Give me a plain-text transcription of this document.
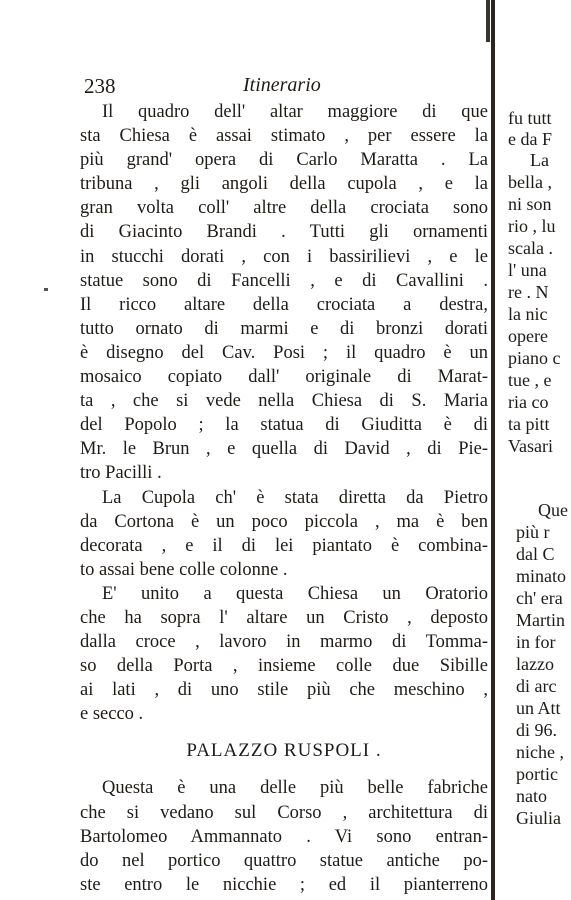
238	Itinerario
Il quadro dell' altar maggiore di que
sta Chiesa è assai stimato , per essere la
più grand' opera di Carlo Maratta . La
tribuna , gli angoli della cupola , e la
gran volta coll' altre della crociata sono
di Giacinto Brandi . Tutti gli ornamenti
in stucchi dorati , con i bassirilievi , e le
statue sono di Fancelli , e di Cavallini .
Il ricco altare della crociata a destra,
tutto ornato di marmi e di bronzi dorati
è disegno del Cav. Posi ; il quadro è un
mosaico copiato dall' originale di Marat-
ta , che si vede nella Chiesa di S. Maria
del Popolo ; la statua di Giuditta è di
Mr. le Brun , e quella di David , di Pie-
tro Pacilli .
La Cupola ch' è stata diretta da Pietro
da Cortona è un poco piccola , ma è ben
decorata , e il di lei piantato è combina-
to assai bene colle colonne .
E' unito a questa Chiesa un Oratorio
che ha sopra l' altare un Cristo , deposto
dalla croce , lavoro in marmo di Tomma-
so della Porta , insieme colle due Sibille
ai lati , di uno stile più che meschino ,
e secco .
PALAZZO RUSPOLI .
Questa è una delle più belle fabriche
che si vedano sul Corso , architettura di
Bartolomeo Ammannato . Vi sono entran-
do nel portico quattro statue antiche po-
ste entro le nicchie ; ed il pianterreno
fu tutt
e da F
La
bella ,
ni son
rio , lu
scala .
l' una
re . N
la nic
opere
piano c
tue , e
ria co
ta pitt
Vasari
Que
più r
dal C
minato
ch' era
Martin
in for
lazzo
di arc
un Att
di 96.
niche ,
portic
nato
Giulia
